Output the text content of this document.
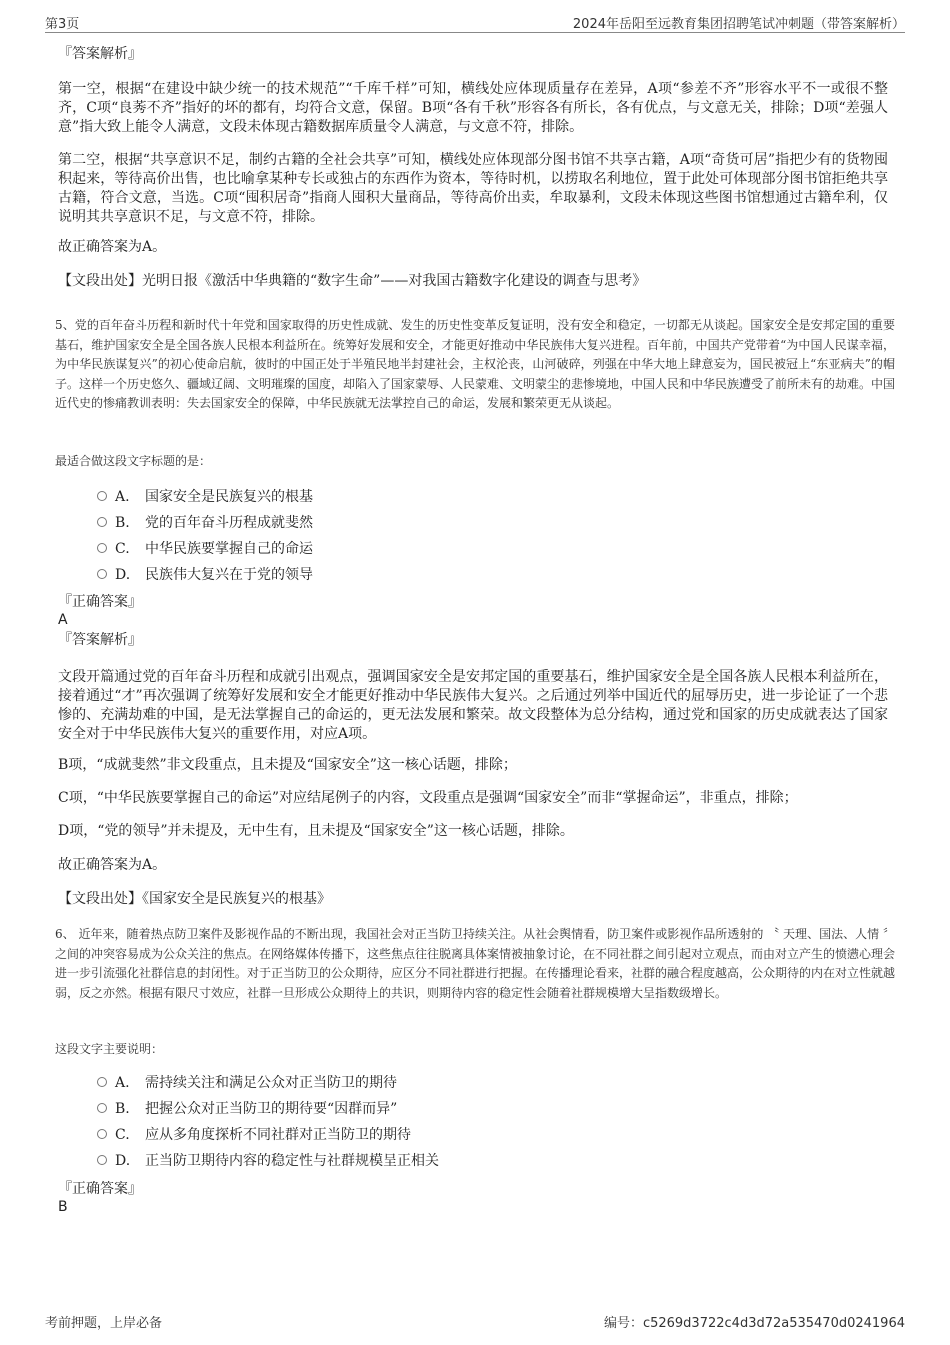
第3页	2024年岳阳至远教育集团招聘笔试冲刺题（带答案解析）
『答案解析』
第一空，根据“在建设中缺少统一的技术规范”“千库千样”可知，横线处应体现质量存在差异，A项“参差不齐”形容水平不一或很不整齐，C项“良莠不齐”指好的坏的都有，均符合文意，保留。B项“各有千秋”形容各有所长，各有优点，与文意无关，排除；D项“差强人意”指大致上能令人满意，文段未体现古籍数据库质量令人满意，与文意不符，排除。
第二空，根据“共享意识不足，制约古籍的全社会共享”可知，横线处应体现部分图书馆不共享古籍，A项“奇货可居”指把少有的货物囤积起来，等待高价出售，也比喻拿某种专长或独占的东西作为资本，等待时机，以捞取名利地位，置于此处可体现部分图书馆拒绝共享古籍，符合文意，当选。C项“囤积居奇”指商人囤积大量商品，等待高价出卖，牟取暴利，文段未体现这些图书馆想通过古籍牟利，仅说明其共享意识不足，与文意不符，排除。
故正确答案为A。
【文段出处】光明日报《激活中华典籍的“数字生命”——对我国古籍数字化建设的调查与思考》
5、党的百年奋斗历程和新时代十年党和国家取得的历史性成就、发生的历史性变革反复证明，没有安全和稳定，一切都无从谈起。国家安全是安邦定国的重要基石，维护国家安全是全国各族人民根本利益所在。统筹好发展和安全，才能更好推动中华民族伟大复兴进程。百年前，中国共产党带着“为中国人民谋幸福，为中华民族谋复兴”的初心使命启航，彼时的中国正处于半殖民地半封建社会，主权沦丧，山河破碎，列强在中华大地上肆意妄为，国民被冠上“东亚病夫”的帽子。这样一个历史悠久、疆域辽阔、文明璀璨的国度，却陷入了国家蒙辱、人民蒙难、文明蒙尘的悲惨境地，中国人民和中华民族遭受了前所未有的劫难。中国近代史的惨痛教训表明：失去国家安全的保障，中华民族就无法掌控自己的命运，发展和繁荣更无从谈起。
最适合做这段文字标题的是：
A. 国家安全是民族复兴的根基
B. 党的百年奋斗历程成就斐然
C. 中华民族要掌握自己的命运
D. 民族伟大复兴在于党的领导
『正确答案』
A
『答案解析』
文段开篇通过党的百年奋斗历程和成就引出观点，强调国家安全是安邦定国的重要基石，维护国家安全是全国各族人民根本利益所在，接着通过“才”再次强调了统筹好发展和安全才能更好推动中华民族伟大复兴。之后通过列举中国近代的屈辱历史，进一步论证了一个悲惨的、充满劫难的中国，是无法掌握自己的命运的，更无法发展和繁荣。故文段整体为总分结构，通过党和国家的历史成就表达了国家安全对于中华民族伟大复兴的重要作用，对应A项。
B项，“成就斐然”非文段重点，且未提及“国家安全”这一核心话题，排除；
C项，“中华民族要掌握自己的命运”对应结尾例子的内容，文段重点是强调“国家安全”而非“掌握命运”，非重点，排除；
D项，“党的领导”并未提及，无中生有，且未提及“国家安全”这一核心话题，排除。
故正确答案为A。
【文段出处】《国家安全是民族复兴的根基》
6、 近年来，随着热点防卫案件及影视作品的不断出现，我国社会对正当防卫持续关注。从社会舆情看，防卫案件或影视作品所透射的 〝 天理、国法、人情 〞 之间的冲突容易成为公众关注的焦点。在网络媒体传播下，这些焦点往往脱离具体案情被抽象讨论，在不同社群之间引起对立观点，而由对立产生的愤懑心理会进一步引流强化社群信息的封闭性。对于正当防卫的公众期待，应区分不同社群进行把握。在传播理论看来，社群的融合程度越高，公众期待的内在对立性就越弱，反之亦然。根据有限尺寸效应，社群一旦形成公众期待上的共识，则期待内容的稳定性会随着社群规模增大呈指数级增长。
这段文字主要说明：
A. 需持续关注和满足公众对正当防卫的期待
B. 把握公众对正当防卫的期待要“因群而异”
C. 应从多角度探析不同社群对正当防卫的期待
D. 正当防卫期待内容的稳定性与社群规模呈正相关
『正确答案』
B
考前押题，上岸必备	编号：c5269d3722c4d3d72a535470d0241964
